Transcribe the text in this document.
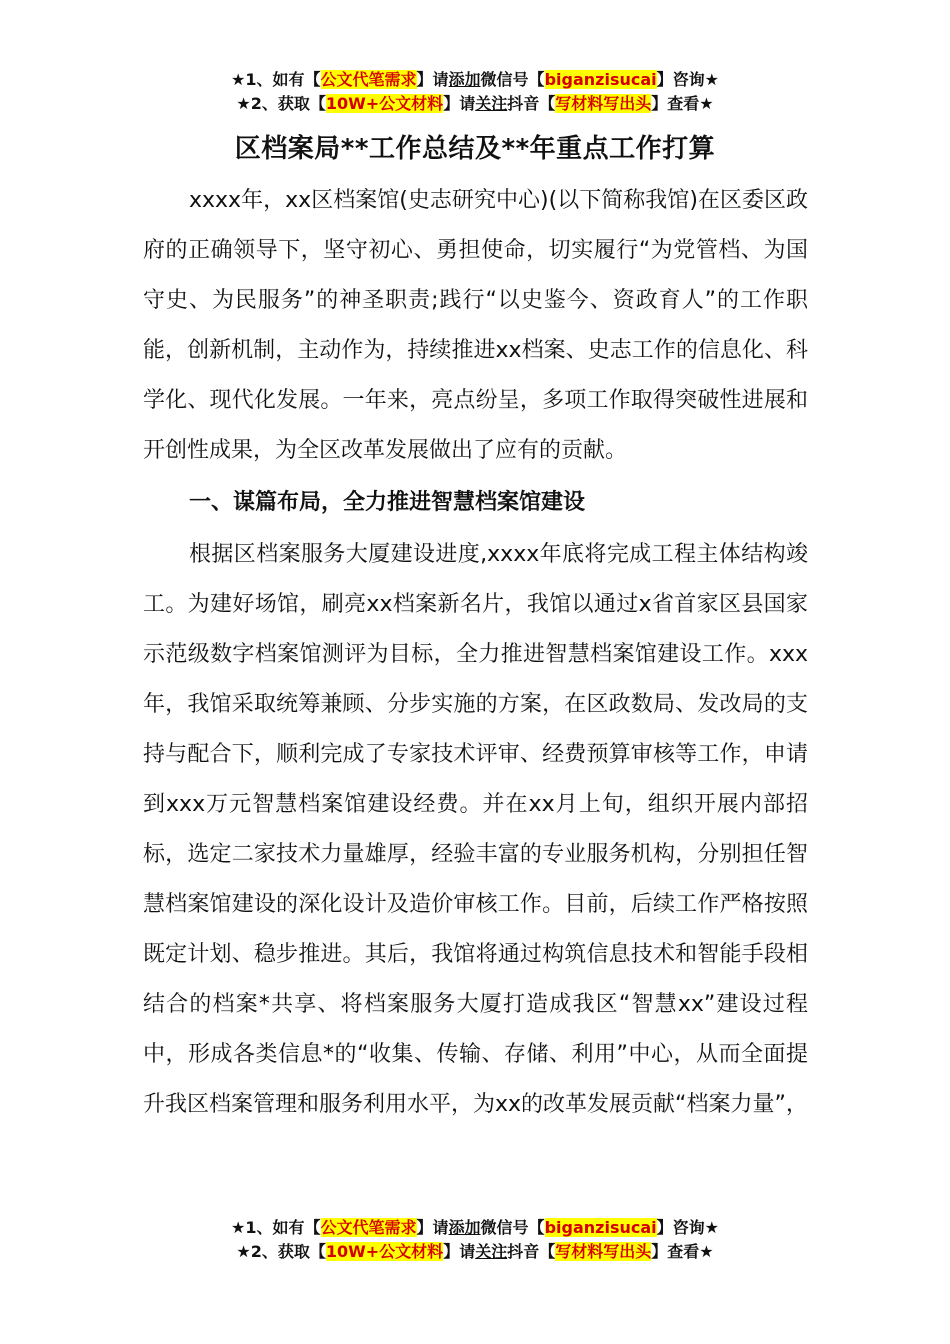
★1、如有【公文代笔需求】请添加微信号【biganzisucai】咨询★
★2、获取【10W+公文材料】请关注抖音【写材料写出头】查看★
区档案局**工作总结及**年重点工作打算

xxxx年，xx区档案馆(史志研究中心)(以下简称我馆)在区委区政府的正确领导下，坚守初心、勇担使命，切实履行“为党管档、为国守史、为民服务”的神圣职责;践行“以史鉴今、资政育人”的工作职能，创新机制，主动作为，持续推进xx档案、史志工作的信息化、科学化、现代化发展。一年来，亮点纷呈，多项工作取得突破性进展和开创性成果，为全区改革发展做出了应有的贡献。

一、谋篇布局，全力推进智慧档案馆建设

根据区档案服务大厦建设进度,xxxx年底将完成工程主体结构竣工。为建好场馆，刷亮xx档案新名片，我馆以通过x省首家区县国家示范级数字档案馆测评为目标，全力推进智慧档案馆建设工作。xxx年，我馆采取统筹兼顾、分步实施的方案，在区政数局、发改局的支持与配合下，顺利完成了专家技术评审、经费预算审核等工作，申请到xxx万元智慧档案馆建设经费。并在xx月上旬，组织开展内部招标，选定二家技术力量雄厚，经验丰富的专业服务机构，分别担任智慧档案馆建设的深化设计及造价审核工作。目前，后续工作严格按照既定计划、稳步推进。其后，我馆将通过构筑信息技术和智能手段相结合的档案*共享、将档案服务大厦打造成我区“智慧xx”建设过程中，形成各类信息*的“收集、传输、存储、利用”中心，从而全面提升我区档案管理和服务利用水平，为xx的改革发展贡献“档案力量”，

★1、如有【公文代笔需求】请添加微信号【biganzisucai】咨询★
★2、获取【10W+公文材料】请关注抖音【写材料写出头】查看★
